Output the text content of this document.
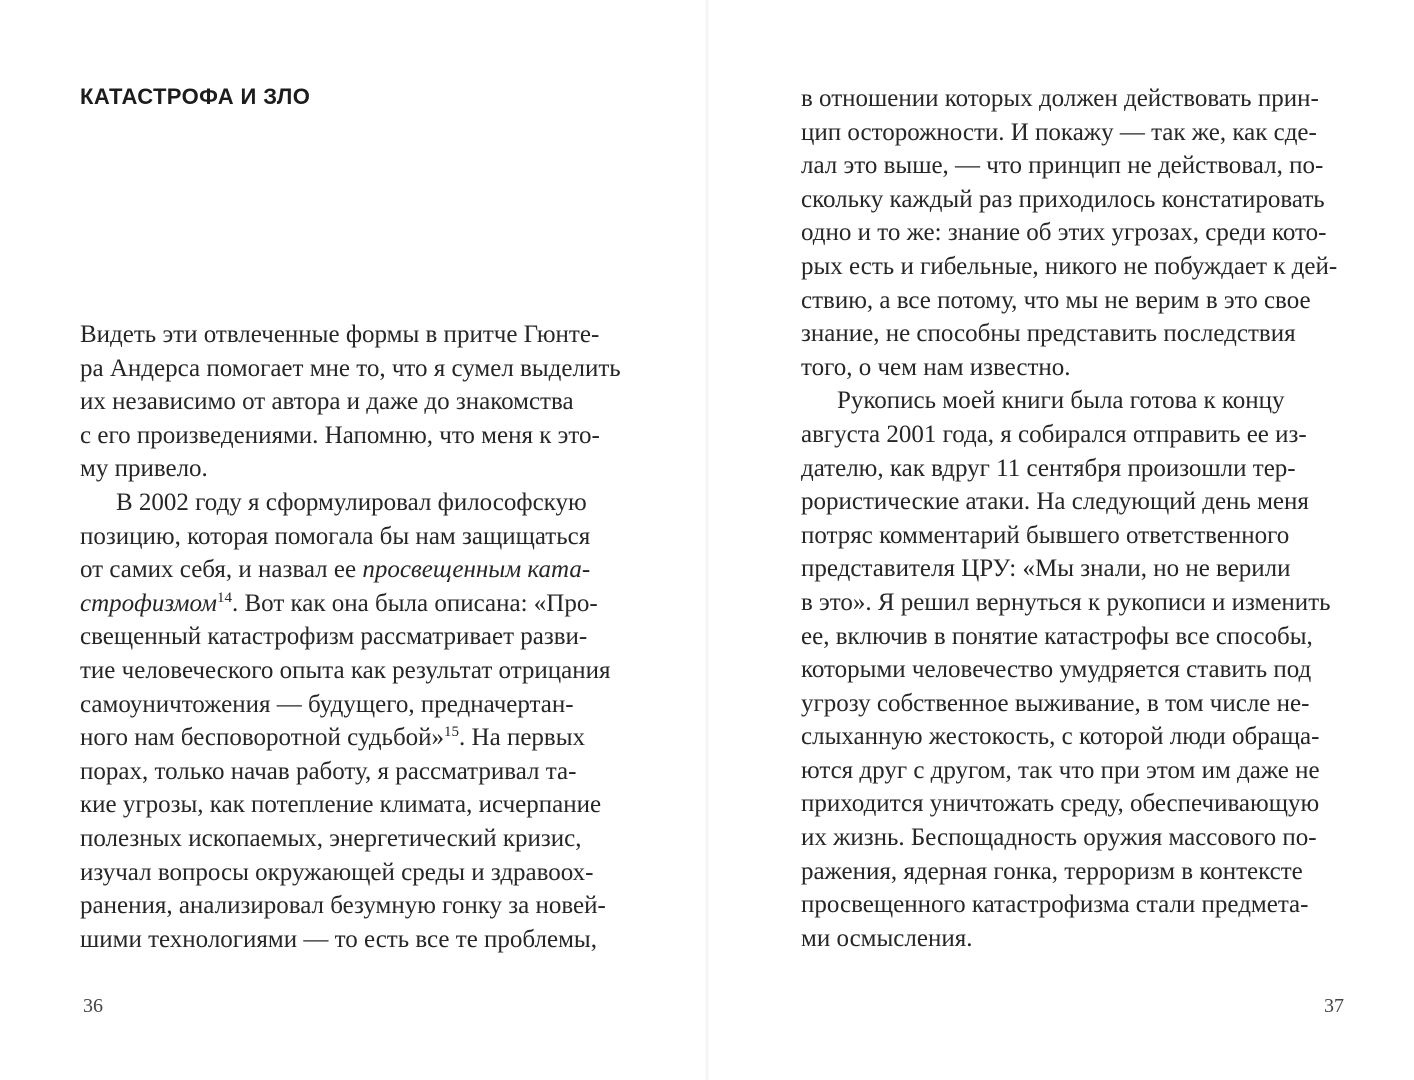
КАТАСТРОФА И ЗЛО
Видеть эти отвлеченные формы в притче Гюнте-
ра Андерса помогает мне то, что я сумел выделить
их независимо от автора и даже до знакомства
с его произведениями. Напомню, что меня к это-
му привело.
В 2002 году я сформулировал философскую
позицию, которая помогала бы нам защищаться
от самих себя, и назвал ее просвещенным ката-
строфизмом$^{14}$. Вот как она была описана: «Про-
свещенный катастрофизм рассматривает разви-
тие человеческого опыта как результат отрицания
самоуничтожения — будущего, предначертан-
ного нам бесповоротной судьбой»$^{15}$. На первых
порах, только начав работу, я рассматривал та-
кие угрозы, как потепление климата, исчерпание
полезных ископаемых, энергетический кризис,
изучал вопросы окружающей среды и здравоох-
ранения, анализировал безумную гонку за новей-
шими технологиями — то есть все те проблемы,
36
в отношении которых должен действовать прин-
цип осторожности. И покажу — так же, как сде-
лал это выше, — что принцип не действовал, по-
скольку каждый раз приходилось констатировать
одно и то же: знание об этих угрозах, среди кото-
рых есть и гибельные, никого не побуждает к дей-
ствию, а все потому, что мы не верим в это свое
знание, не способны представить последствия
того, о чем нам известно.
Рукопись моей книги была готова к концу
августа 2001 года, я собирался отправить ее из-
дателю, как вдруг 11 сентября произошли тер-
рористические атаки. На следующий день меня
потряс комментарий бывшего ответственного
представителя ЦРУ: «Мы знали, но не верили
в это». Я решил вернуться к рукописи и изменить
ее, включив в понятие катастрофы все способы,
которыми человечество умудряется ставить под
угрозу собственное выживание, в том числе не-
слыханную жестокость, с которой люди обраща-
ются друг с другом, так что при этом им даже не
приходится уничтожать среду, обеспечивающую
их жизнь. Беспощадность оружия массового по-
ражения, ядерная гонка, терроризм в контексте
просвещенного катастрофизма стали предмета-
ми осмысления.
37
